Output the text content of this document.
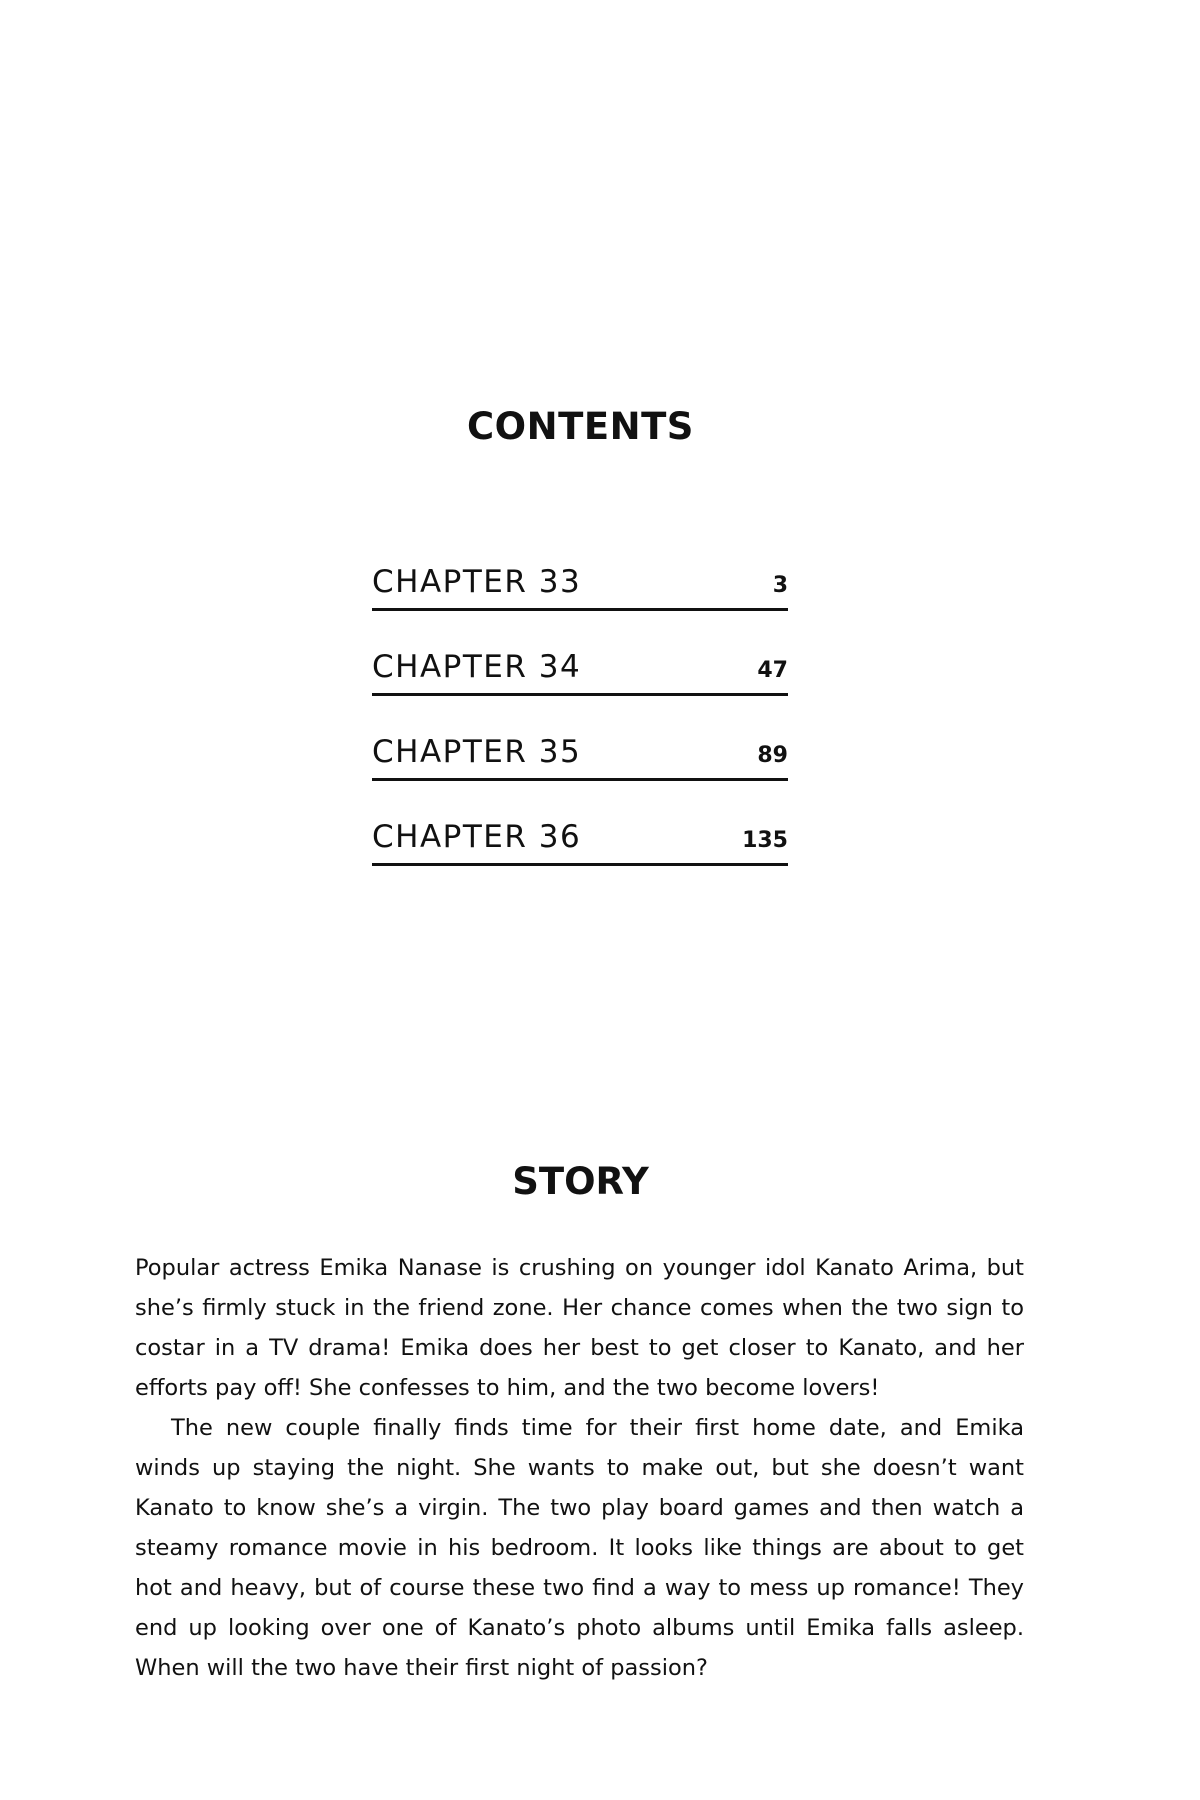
CONTENTS
CHAPTER 33	3
CHAPTER 34	47
CHAPTER 35	89
CHAPTER 36	135
STORY

Popular actress Emika Nanase is crushing on younger idol Kanato Arima, but she’s firmly stuck in the friend zone. Her chance comes when the two sign to costar in a TV drama! Emika does her best to get closer to Kanato, and her efforts pay off! She confesses to him, and the two become lovers!

The new couple finally finds time for their first home date, and Emika winds up staying the night. She wants to make out, but she doesn’t want Kanato to know she’s a virgin. The two play board games and then watch a steamy romance movie in his bedroom. It looks like things are about to get hot and heavy, but of course these two find a way to mess up romance! They end up looking over one of Kanato’s photo albums until Emika falls asleep. When will the two have their first night of passion?
